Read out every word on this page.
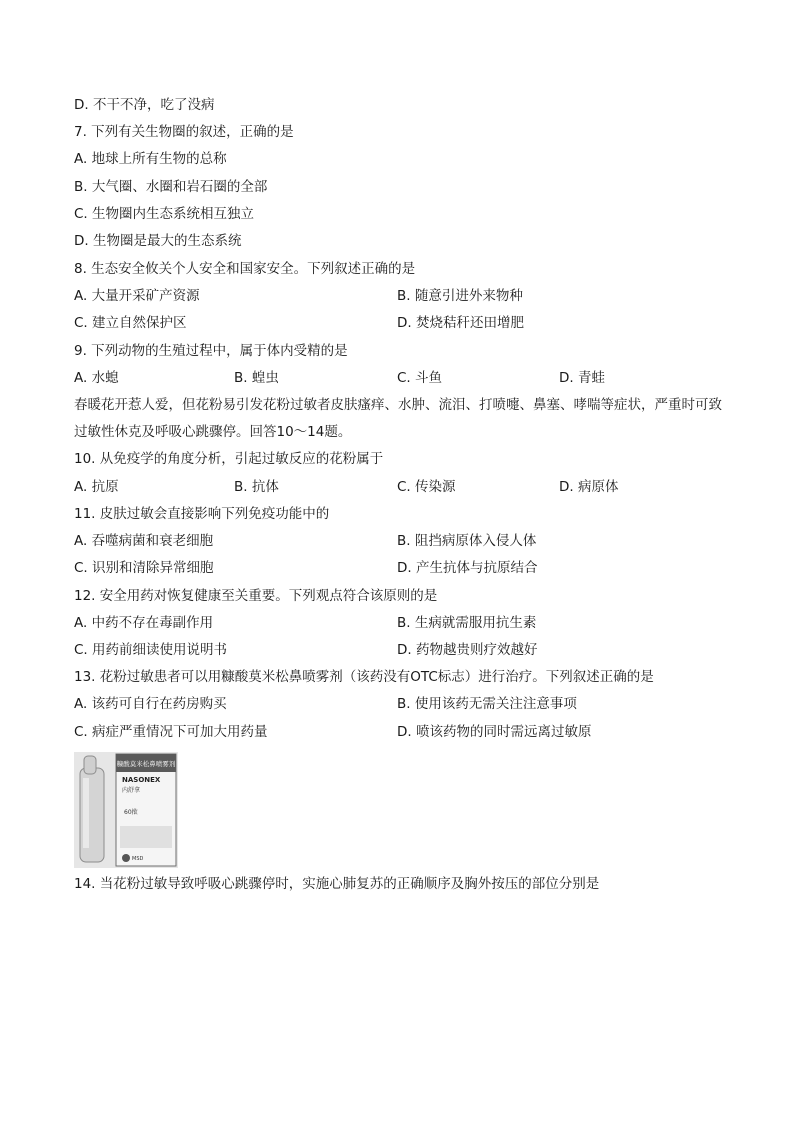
D. 不干不净，吃了没病
7. 下列有关生物圈的叙述，正确的是
A. 地球上所有生物的总称
B. 大气圈、水圈和岩石圈的全部
C. 生物圈内生态系统相互独立
D. 生物圈是最大的生态系统
8. 生态安全攸关个人安全和国家安全。下列叙述正确的是
A. 大量开采矿产资源	B. 随意引进外来物种
C. 建立自然保护区	D. 焚烧秸秆还田增肥
9. 下列动物的生殖过程中，属于体内受精的是
A. 水螅	B. 蝗虫	C. 斗鱼	D. 青蛙
春暖花开惹人爱，但花粉易引发花粉过敏者皮肤瘙痒、水肿、流泪、打喷嚏、鼻塞、哮喘等症状，严重时可致过敏性休克及呼吸心跳骤停。回答10～14题。
10. 从免疫学的角度分析，引起过敏反应的花粉属于
A. 抗原	B. 抗体	C. 传染源	D. 病原体
11. 皮肤过敏会直接影响下列免疫功能中的
A. 吞噬病菌和衰老细胞	B. 阻挡病原体入侵人体
C. 识别和清除异常细胞	D. 产生抗体与抗原结合
12. 安全用药对恢复健康至关重要。下列观点符合该原则的是
A. 中药不存在毒副作用	B. 生病就需服用抗生素
C. 用药前细读使用说明书	D. 药物越贵则疗效越好
13. 花粉过敏患者可以用糠酸莫米松鼻喷雾剂（该药没有OTC标志）进行治疗。下列叙述正确的是
A. 该药可自行在药房购买	B. 使用该药无需关注注意事项
C. 病症严重情况下可加大用药量	D. 喷该药物的同时需远离过敏原
糠酸莫米松鼻喷雾剂
NASONEX
内舒拿
60揿
MSD
14. 当花粉过敏导致呼吸心跳骤停时，实施心肺复苏的正确顺序及胸外按压的部位分别是
